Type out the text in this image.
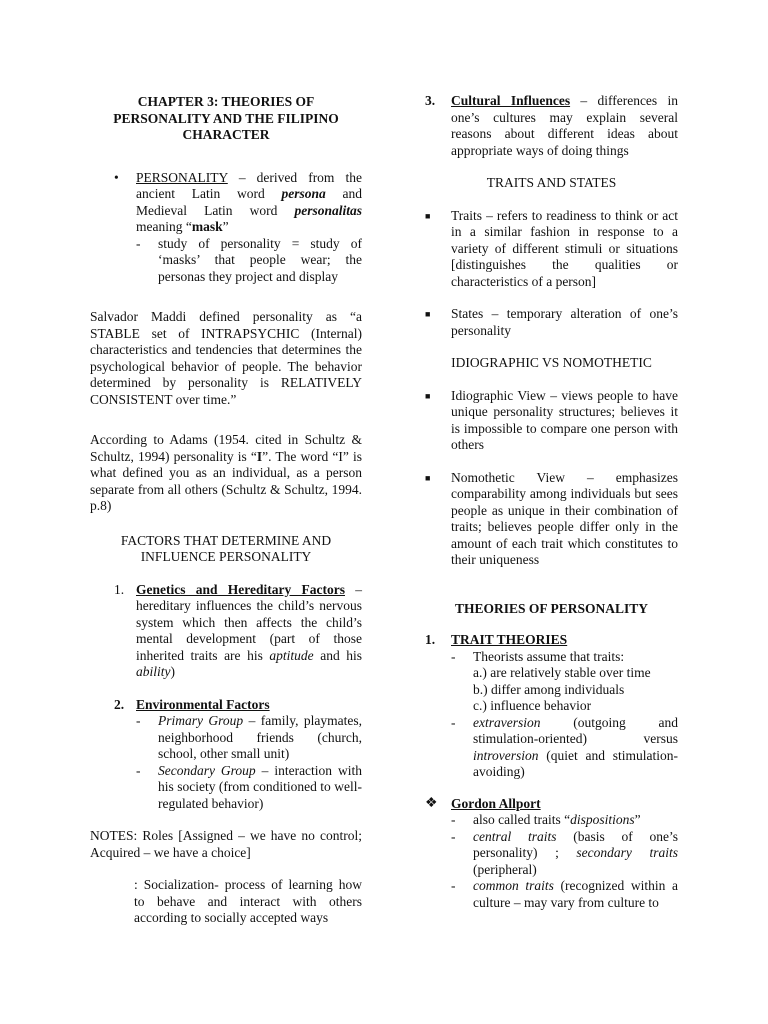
CHAPTER 3: THEORIES OF PERSONALITY AND THE FILIPINO CHARACTER

•	PERSONALITY – derived from the ancient Latin word persona and Medieval Latin word personalitas meaning “mask”
-	study of personality = study of ‘masks’ that people wear; the personas they project and display

Salvador Maddi defined personality as “a STABLE set of INTRAPSYCHIC (Internal) characteristics and tendencies that determines the psychological behavior of people. The behavior determined by personality is RELATIVELY CONSISTENT over time.”

According to Adams (1954. cited in Schultz & Schultz, 1994) personality is “I”. The word “I” is what defined you as an individual, as a person separate from all others (Schultz & Schultz, 1994. p.8)

FACTORS THAT DETERMINE AND INFLUENCE PERSONALITY

1. Genetics and Hereditary Factors – hereditary influences the child’s nervous system which then affects the child’s mental development (part of those inherited traits are his aptitude and his ability)

2. Environmental Factors
-	Primary Group – family, playmates, neighborhood friends (church, school, other small unit)

-	Secondary Group – interaction with his society (from conditioned to well-regulated behavior)

NOTES: Roles [Assigned – we have no control; Acquired – we have a choice]

: Socialization- process of learning how to behave and interact with others according to socially accepted ways

3.	Cultural Influences – differences in one’s cultures may explain several reasons about different ideas about appropriate ways of doing things

TRAITS AND STATES

■	Traits – refers to readiness to think or act in a similar fashion in response to a variety of different stimuli or situations [distinguishes the qualities or characteristics of a person]

■	States – temporary alteration of one’s personality

IDIOGRAPHIC VS NOMOTHETIC

■	Idiographic View – views people to have unique personality structures; believes it is impossible to compare one person with others

■	Nomothetic View – emphasizes comparability among individuals but sees people as unique in their combination of traits; believes people differ only in the amount of each trait which constitutes to their uniqueness

THEORIES OF PERSONALITY

1.	TRAIT THEORIES
-	Theorists assume that traits:
a.) are relatively stable over time
b.) differ among individuals
c.) influence behavior
-	extraversion (outgoing and stimulation-oriented) versus introversion (quiet and stimulation-avoiding)

❖ Gordon Allport
-	also called traits “dispositions”

-	central traits (basis of one’s personality) ; secondary traits (peripheral)

-	common traits (recognized within a culture – may vary from culture to
